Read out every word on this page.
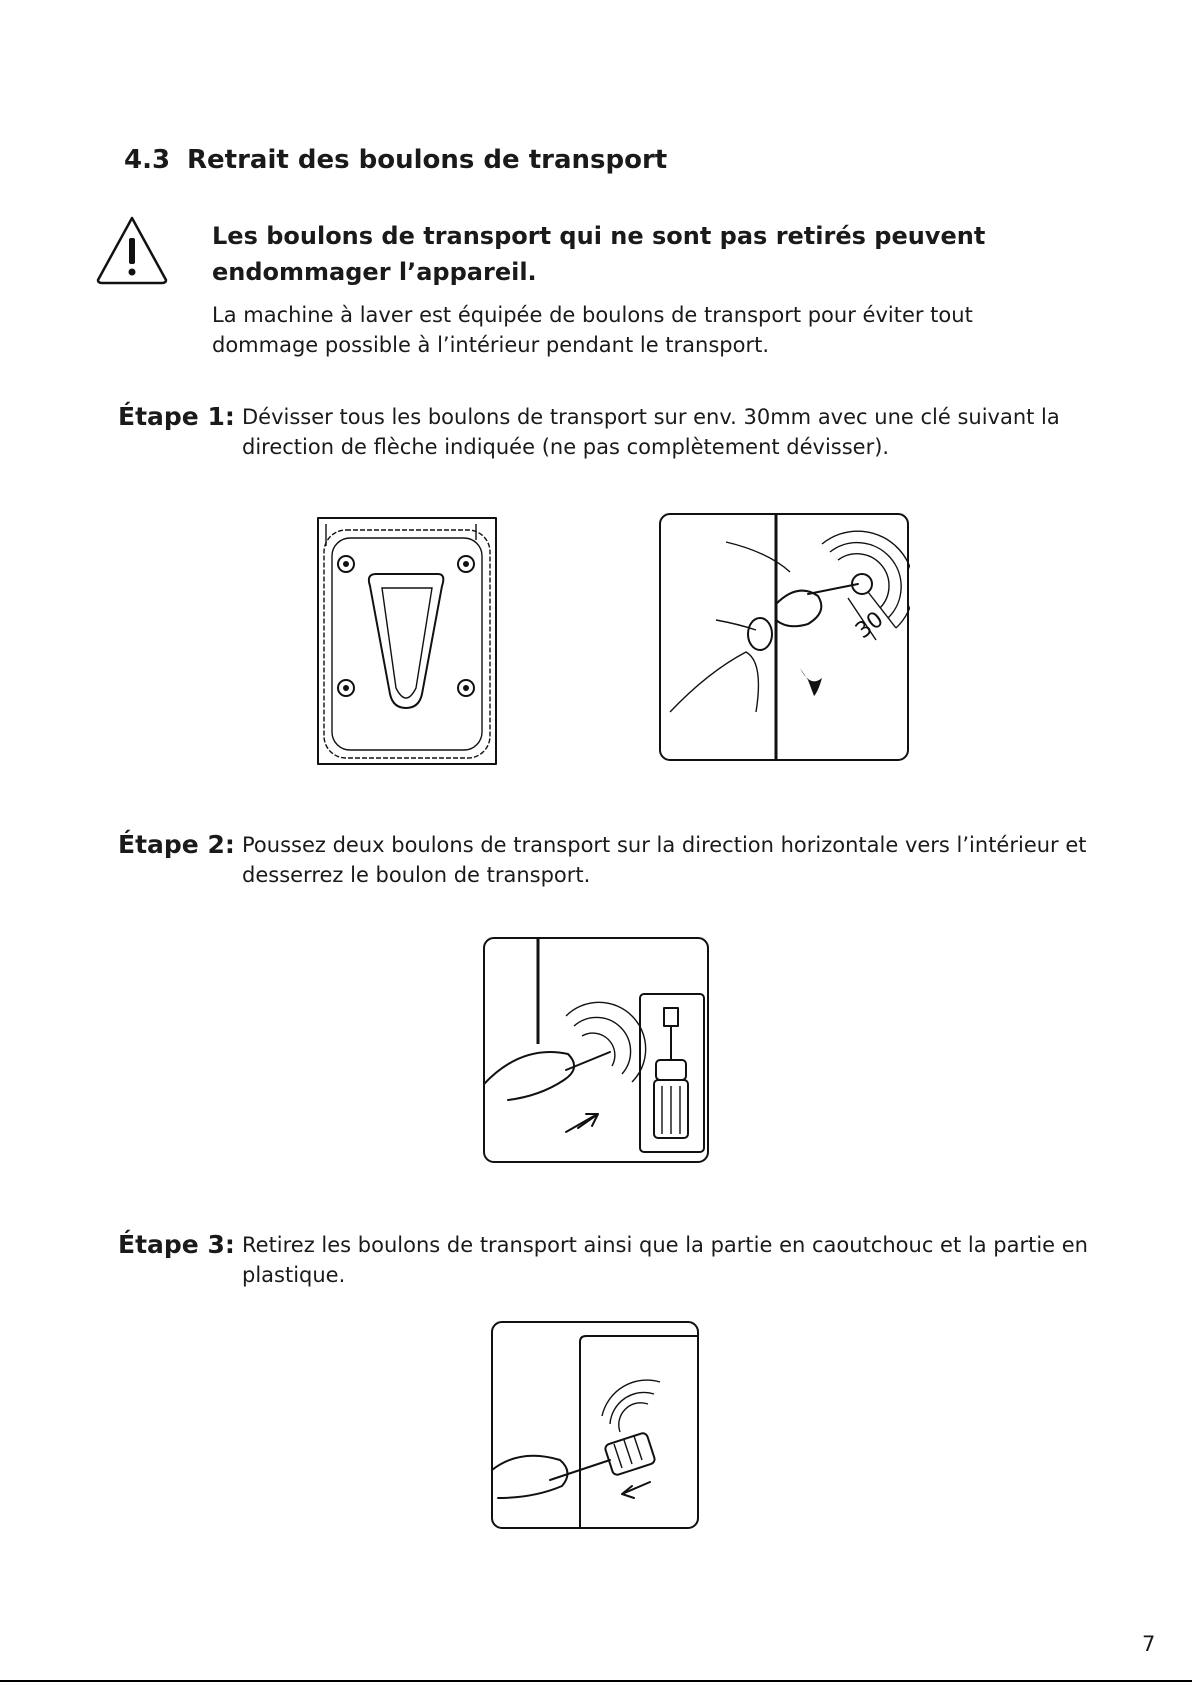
4.3 Retrait des boulons de transport
Les boulons de transport qui ne sont pas retirés peuvent endommager l’appareil.
La machine à laver est équipée de boulons de transport pour éviter tout dommage possible à l’intérieur pendant le transport.
Étape 1: Dévisser tous les boulons de transport sur env. 30mm avec une clé suivant la direction de flèche indiquée (ne pas complètement dévisser).
30
Étape 2: Poussez deux boulons de transport sur la direction horizontale vers l’intérieur et desserrez le boulon de transport.
Étape 3: Retirez les boulons de transport ainsi que la partie en caoutchouc et la partie en plastique.
7
